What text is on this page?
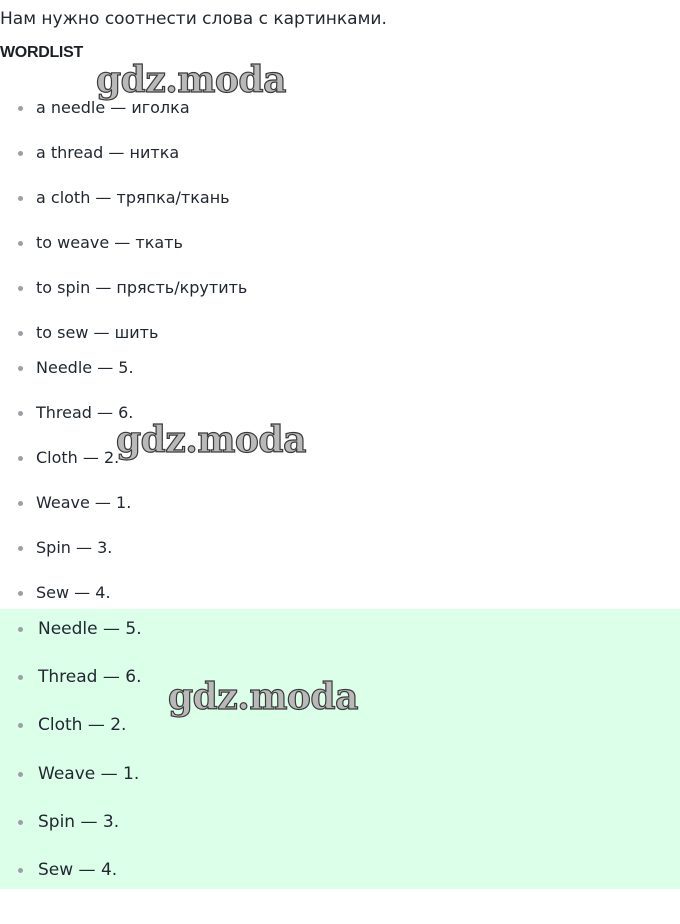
Нам нужно соотнести слова с картинками.
WORDLIST
a needle — иголка
a thread — нитка
a cloth — тряпка/ткань
to weave — ткать
to spin — прясть/крутить
to sew — шить
Needle — 5.
Thread — 6.
Cloth — 2.
Weave — 1.
Spin — 3.
Sew — 4.
Needle — 5.
Thread — 6.
Cloth — 2.
Weave — 1.
Spin — 3.
Sew — 4.
gdz.moda
gdz.moda
gdz.moda
